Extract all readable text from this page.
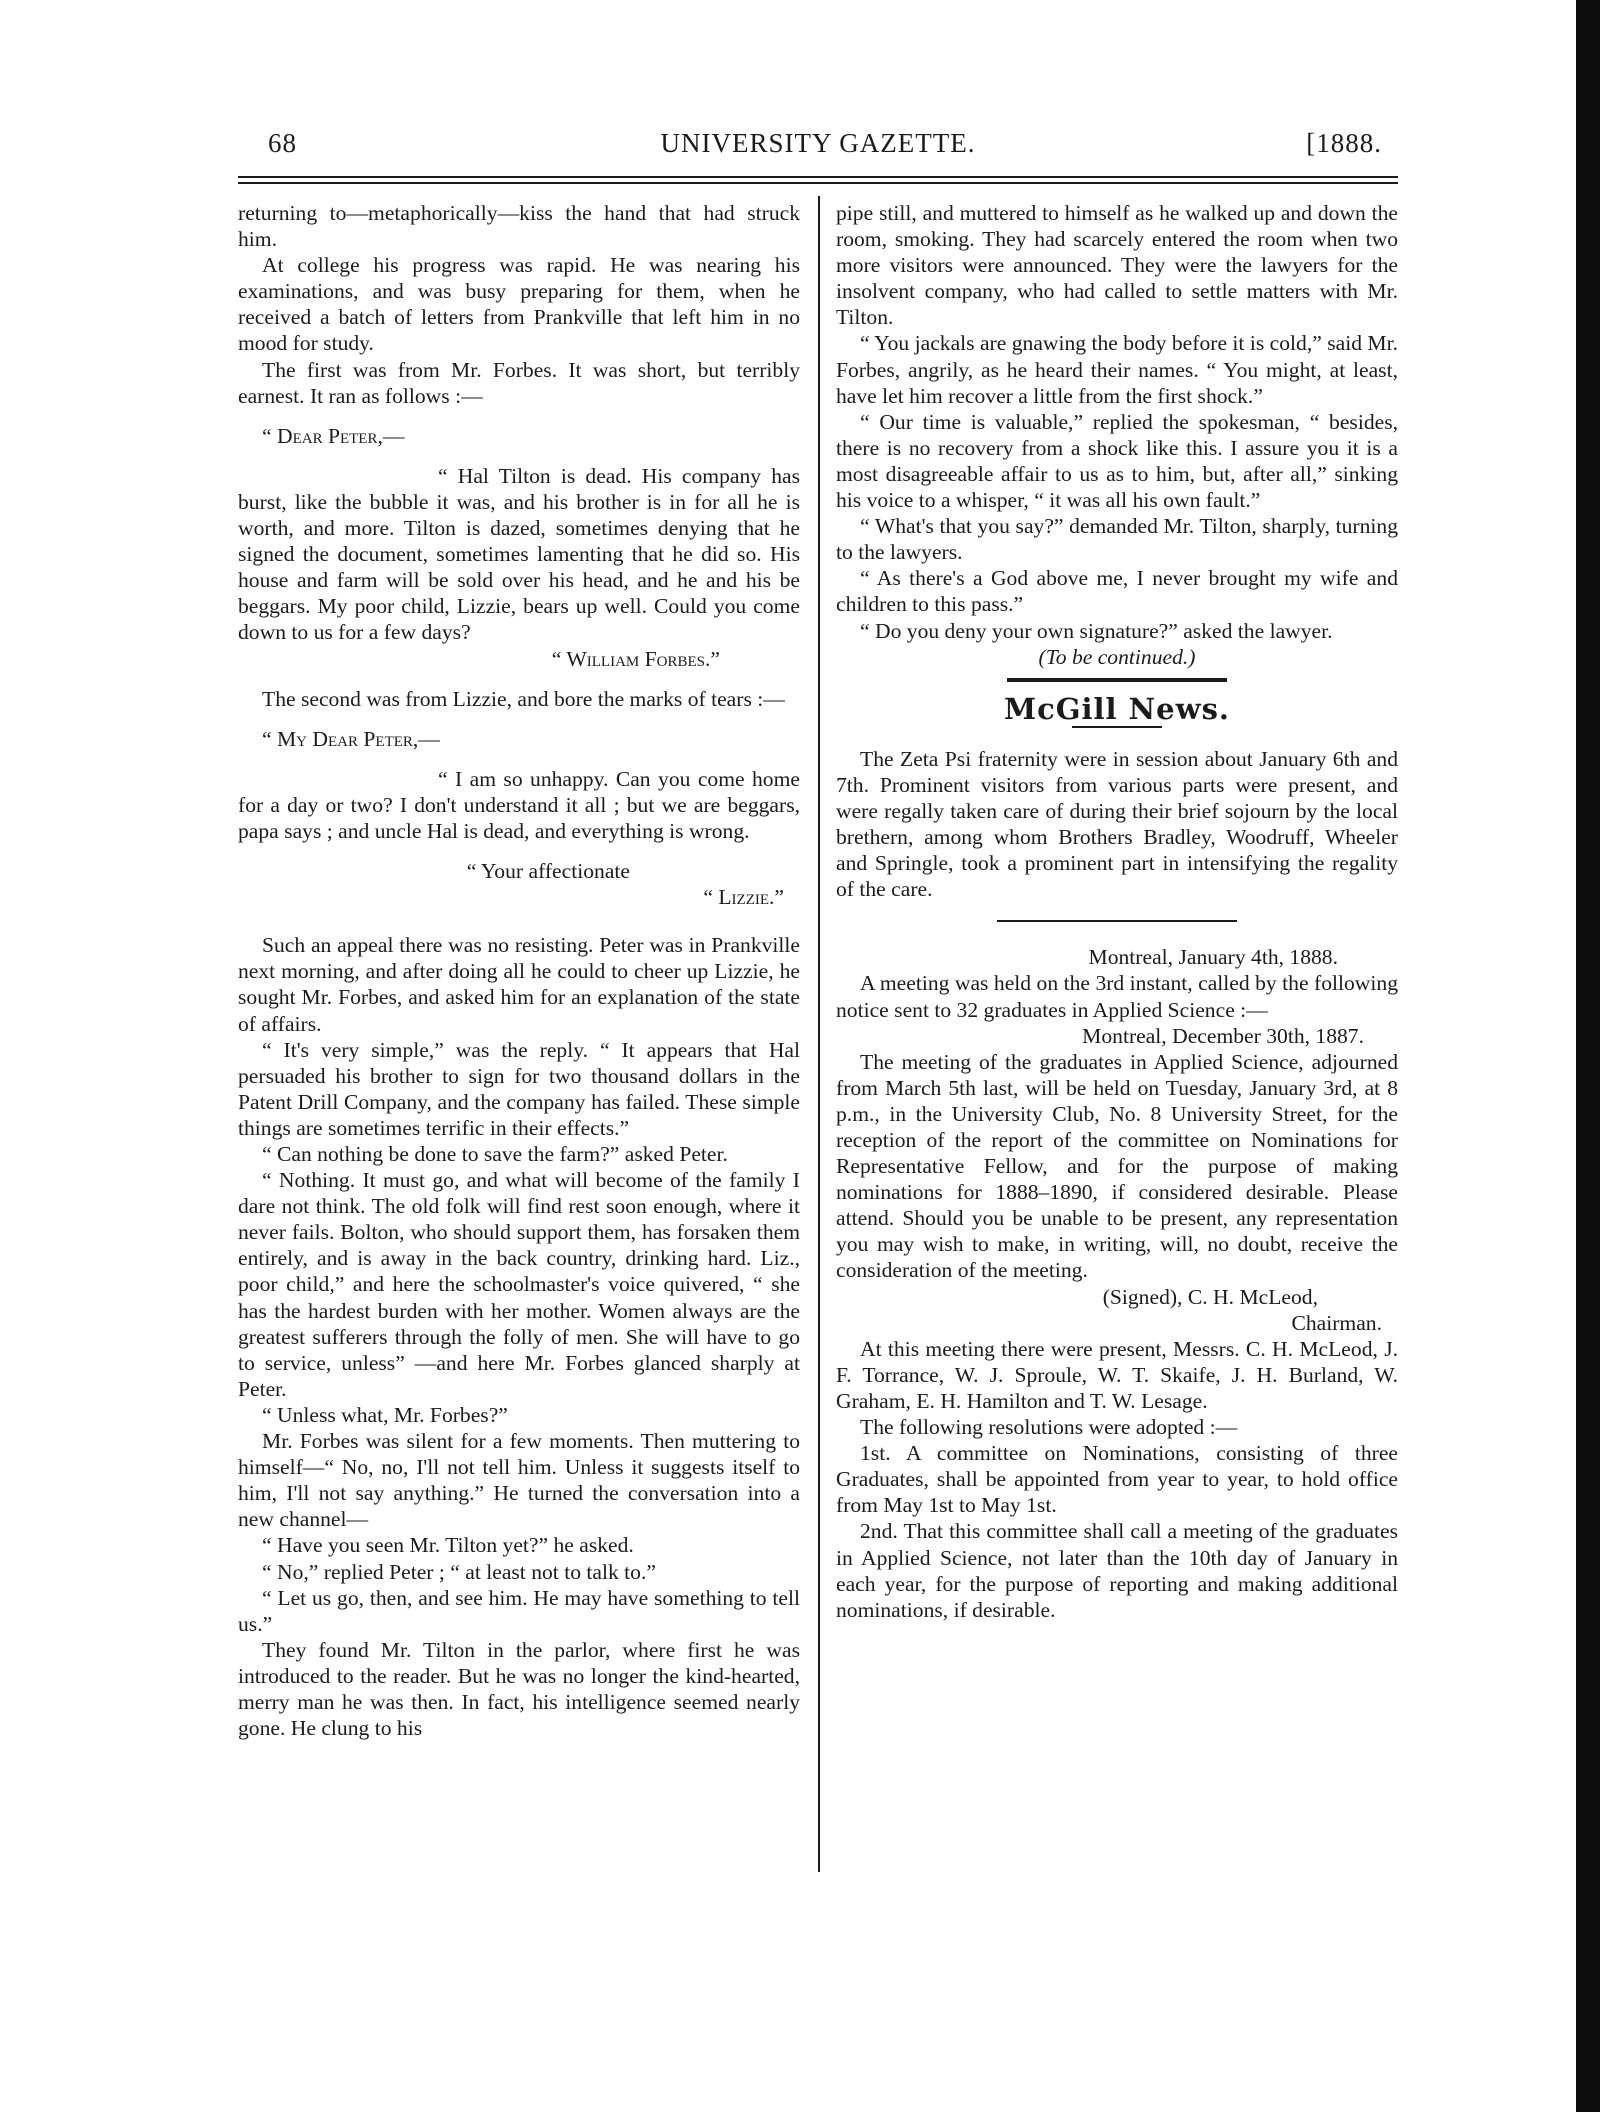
UNIVERSITY GAZETTE.
68	[1888.

returning to—metaphorically—kiss the hand that had struck him.

At college his progress was rapid. He was nearing his examinations, and was busy preparing for them, when he received a batch of letters from Prankville that left him in no mood for study.

The first was from Mr. Forbes. It was short, but terribly earnest. It ran as follows :—

“ Dear Peter,—

“ Hal Tilton is dead. His company has burst, like the bubble it was, and his brother is in for all he is worth, and more. Tilton is dazed, sometimes denying that he signed the document, sometimes lamenting that he did so. His house and farm will be sold over his head, and he and his be beggars. My poor child, Lizzie, bears up well. Could you come down to us for a few days?

“ William Forbes.”

The second was from Lizzie, and bore the marks of tears :—

“ My Dear Peter,—

“ I am so unhappy. Can you come home for a day or two? I don't understand it all ; but we are beggars, papa says ; and uncle Hal is dead, and everything is wrong.

“ Your affectionate

“ Lizzie.”

Such an appeal there was no resisting. Peter was in Prankville next morning, and after doing all he could to cheer up Lizzie, he sought Mr. Forbes, and asked him for an explanation of the state of affairs.

“ It's very simple,” was the reply. “ It appears that Hal persuaded his brother to sign for two thousand dollars in the Patent Drill Company, and the company has failed. These simple things are sometimes terrific in their effects.”

“ Can nothing be done to save the farm?” asked Peter.

“ Nothing. It must go, and what will become of the family I dare not think. The old folk will find rest soon enough, where it never fails. Bolton, who should support them, has forsaken them entirely, and is away in the back country, drinking hard. Liz., poor child,” and here the schoolmaster's voice quivered, “ she has the hardest burden with her mother. Women always are the greatest sufferers through the folly of men. She will have to go to service, unless” —and here Mr. Forbes glanced sharply at Peter.

“ Unless what, Mr. Forbes?”

Mr. Forbes was silent for a few moments. Then muttering to himself—“ No, no, I'll not tell him. Unless it suggests itself to him, I'll not say anything.” He turned the conversation into a new channel—

“ Have you seen Mr. Tilton yet?” he asked.

“ No,” replied Peter ; “ at least not to talk to.”

“ Let us go, then, and see him. He may have something to tell us.”

They found Mr. Tilton in the parlor, where first he was introduced to the reader. But he was no longer the kind-hearted, merry man he was then. In fact, his intelligence seemed nearly gone. He clung to his

pipe still, and muttered to himself as he walked up and down the room, smoking. They had scarcely entered the room when two more visitors were announced. They were the lawyers for the insolvent company, who had called to settle matters with Mr. Tilton.

“ You jackals are gnawing the body before it is cold,” said Mr. Forbes, angrily, as he heard their names. “ You might, at least, have let him recover a little from the first shock.”

“ Our time is valuable,” replied the spokesman, “ besides, there is no recovery from a shock like this. I assure you it is a most disagreeable affair to us as to him, but, after all,” sinking his voice to a whisper, “ it was all his own fault.”

“ What's that you say?” demanded Mr. Tilton, sharply, turning to the lawyers.

“ As there's a God above me, I never brought my wife and children to this pass.”

“ Do you deny your own signature?” asked the lawyer.

(To be continued.)

McGill News.

The Zeta Psi fraternity were in session about January 6th and 7th. Prominent visitors from various parts were present, and were regally taken care of during their brief sojourn by the local brethern, among whom Brothers Bradley, Woodruff, Wheeler and Springle, took a prominent part in intensifying the regality of the care.

Montreal, January 4th, 1888.

A meeting was held on the 3rd instant, called by the following notice sent to 32 graduates in Applied Science :—

Montreal, December 30th, 1887.

The meeting of the graduates in Applied Science, adjourned from March 5th last, will be held on Tuesday, January 3rd, at 8 p.m., in the University Club, No. 8 University Street, for the reception of the report of the committee on Nominations for Representative Fellow, and for the purpose of making nominations for 1888–1890, if considered desirable. Please attend. Should you be unable to be present, any representation you may wish to make, in writing, will, no doubt, receive the consideration of the meeting.

(Signed), C. H. McLeod,

Chairman.

At this meeting there were present, Messrs. C. H. McLeod, J. F. Torrance, W. J. Sproule, W. T. Skaife, J. H. Burland, W. Graham, E. H. Hamilton and T. W. Lesage.

The following resolutions were adopted :—

1st. A committee on Nominations, consisting of three Graduates, shall be appointed from year to year, to hold office from May 1st to May 1st.

2nd. That this committee shall call a meeting of the graduates in Applied Science, not later than the 10th day of January in each year, for the purpose of reporting and making additional nominations, if desirable.
